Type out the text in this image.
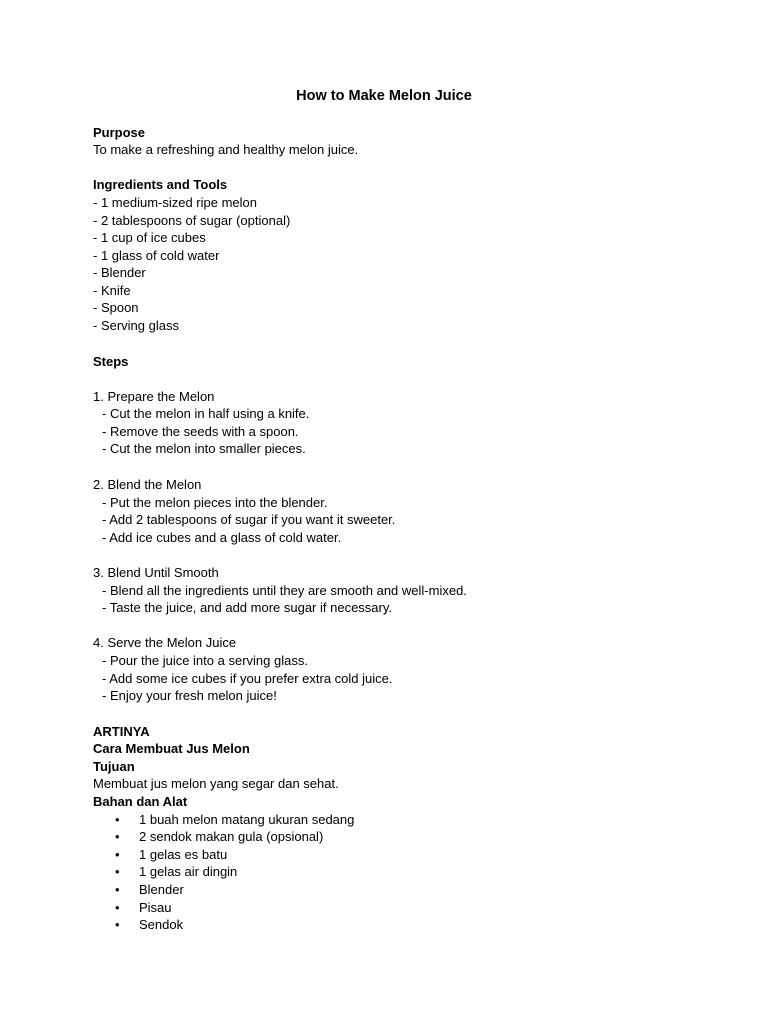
How to Make Melon Juice
Purpose
To make a refreshing and healthy melon juice.
Ingredients and Tools
- 1 medium-sized ripe melon
- 2 tablespoons of sugar (optional)
- 1 cup of ice cubes
- 1 glass of cold water
- Blender
- Knife
- Spoon
- Serving glass
Steps
1. Prepare the Melon
- Cut the melon in half using a knife.
- Remove the seeds with a spoon.
- Cut the melon into smaller pieces.
2. Blend the Melon
- Put the melon pieces into the blender.
- Add 2 tablespoons of sugar if you want it sweeter.
- Add ice cubes and a glass of cold water.
3. Blend Until Smooth
- Blend all the ingredients until they are smooth and well-mixed.
- Taste the juice, and add more sugar if necessary.
4. Serve the Melon Juice
- Pour the juice into a serving glass.
- Add some ice cubes if you prefer extra cold juice.
- Enjoy your fresh melon juice!
ARTINYA
Cara Membuat Jus Melon
Tujuan
Membuat jus melon yang segar dan sehat.
Bahan dan Alat
• 1 buah melon matang ukuran sedang
• 2 sendok makan gula (opsional)
• 1 gelas es batu
• 1 gelas air dingin
• Blender
• Pisau
• Sendok
